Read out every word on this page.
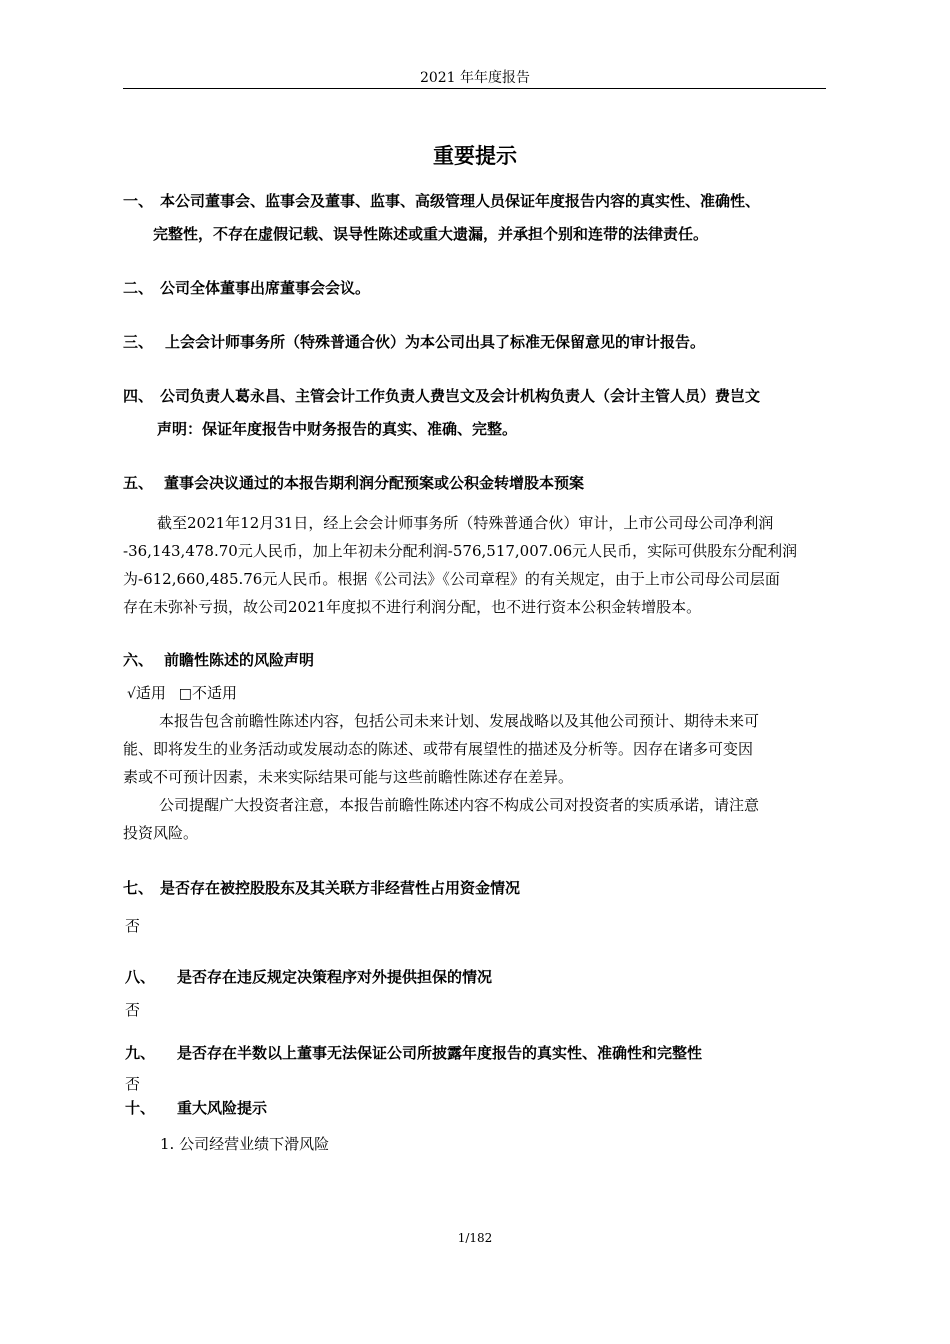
2021 年年度报告
重要提示
一、 本公司董事会、监事会及董事、监事、高级管理人员保证年度报告内容的真实性、准确性、
完整性，不存在虚假记载、误导性陈述或重大遗漏，并承担个别和连带的法律责任。
二、 公司全体董事出席董事会会议。
三、 上会会计师事务所（特殊普通合伙）为本公司出具了标准无保留意见的审计报告。
四、 公司负责人葛永昌、主管会计工作负责人费岂文及会计机构负责人（会计主管人员）费岂文
声明：保证年度报告中财务报告的真实、准确、完整。
五、 董事会决议通过的本报告期利润分配预案或公积金转增股本预案
截至2021年12月31日，经上会会计师事务所（特殊普通合伙）审计，上市公司母公司净利润
-36,143,478.70元人民币，加上年初未分配利润-576,517,007.06元人民币，实际可供股东分配利润
为-612,660,485.76元人民币。根据《公司法》《公司章程》的有关规定，由于上市公司母公司层面
存在未弥补亏损，故公司2021年度拟不进行利润分配，也不进行资本公积金转增股本。
六、 前瞻性陈述的风险声明
√适用 □不适用
本报告包含前瞻性陈述内容，包括公司未来计划、发展战略以及其他公司预计、期待未来可
能、即将发生的业务活动或发展动态的陈述、或带有展望性的描述及分析等。因存在诸多可变因
素或不可预计因素，未来实际结果可能与这些前瞻性陈述存在差异。
公司提醒广大投资者注意，本报告前瞻性陈述内容不构成公司对投资者的实质承诺，请注意
投资风险。
七、 是否存在被控股股东及其关联方非经营性占用资金情况
否
八、 是否存在违反规定决策程序对外提供担保的情况
否
九、 是否存在半数以上董事无法保证公司所披露年度报告的真实性、准确性和完整性
否
十、 重大风险提示
1. 公司经营业绩下滑风险
1/182
